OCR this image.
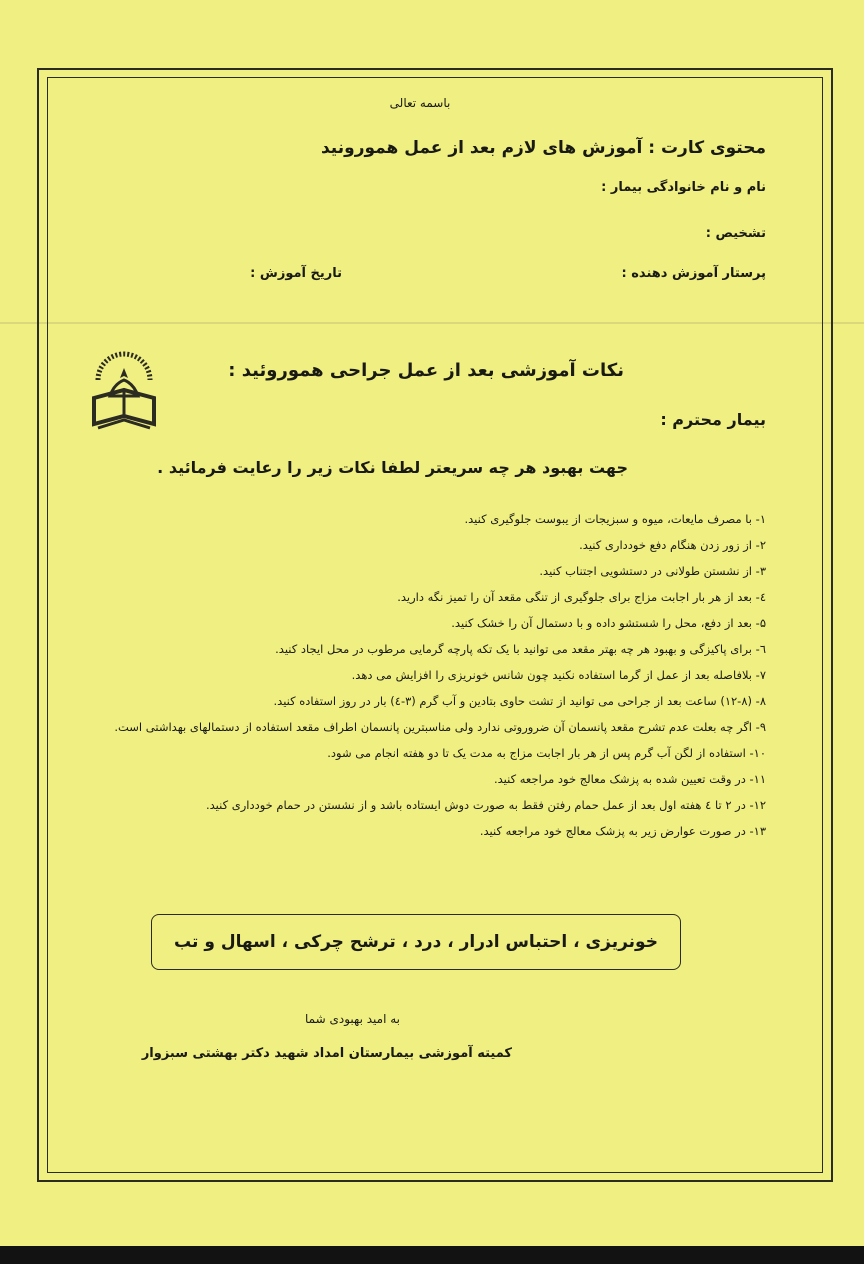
باسمه تعالی
محتوی کارت : آموزش های لازم بعد از عمل همورونید
نام و نام خانوادگی بیمار :
تشخیص :
پرستار آموزش دهنده :
تاریخ آموزش :
نکات آموزشی بعد از عمل جراحی هموروئید :
بیمار محترم :
جهت بهبود هر چه سریعتر لطفا نکات زیر را رعایت فرمائید .
۱- با مصرف مایعات، میوه و سبزیجات از یبوست جلوگیری کنید.
۲- از زور زدن هنگام دفع خودداری کنید.
۳- از نشستن طولانی در دستشویی اجتناب کنید.
٤- بعد از هر بار اجابت مزاج برای جلوگیری از تنگی مقعد آن را تمیز نگه دارید.
۵- بعد از دفع، محل را شستشو داده و با دستمال آن را خشک کنید.
٦- برای پاکیزگی و بهبود هر چه بهتر مقعد می توانید با یک تکه پارچه گرمایی مرطوب در محل ایجاد کنید.
۷- بلافاصله بعد از عمل از گرما استفاده نکنید چون شانس خونریزی را افزایش می دهد.
۸- (۱۲-۸) ساعت بعد از جراحی می توانید از تشت حاوی بتادین و آب گرم (۳-٤) بار در روز استفاده کنید.
۹- اگر چه بعلت عدم تشرح مقعد پانسمان آن ضروروتی ندارد ولی مناسبترین پانسمان اطراف مقعد استفاده از دستمالهای بهداشتی است.
۱۰- استفاده از لگن آب گرم پس از هر بار اجابت مزاج به مدت یک تا دو هفته انجام می شود.
۱۱- در وقت تعیین شده به پزشک معالج خود مراجعه کنید.
۱۲- در ۲ تا ٤ هفته اول بعد از عمل حمام رفتن فقط به صورت دوش ایستاده باشد و از نشستن در حمام خودداری کنید.
۱۳- در صورت عوارض زیر به پزشک معالج خود مراجعه کنید.
خونریزی ، احتباس ادرار ، درد ، ترشح چرکی ، اسهال و تب
به امید بهبودی شما
کمیته آموزشی بیمارستان امداد شهید دکتر بهشتی سبزوار
